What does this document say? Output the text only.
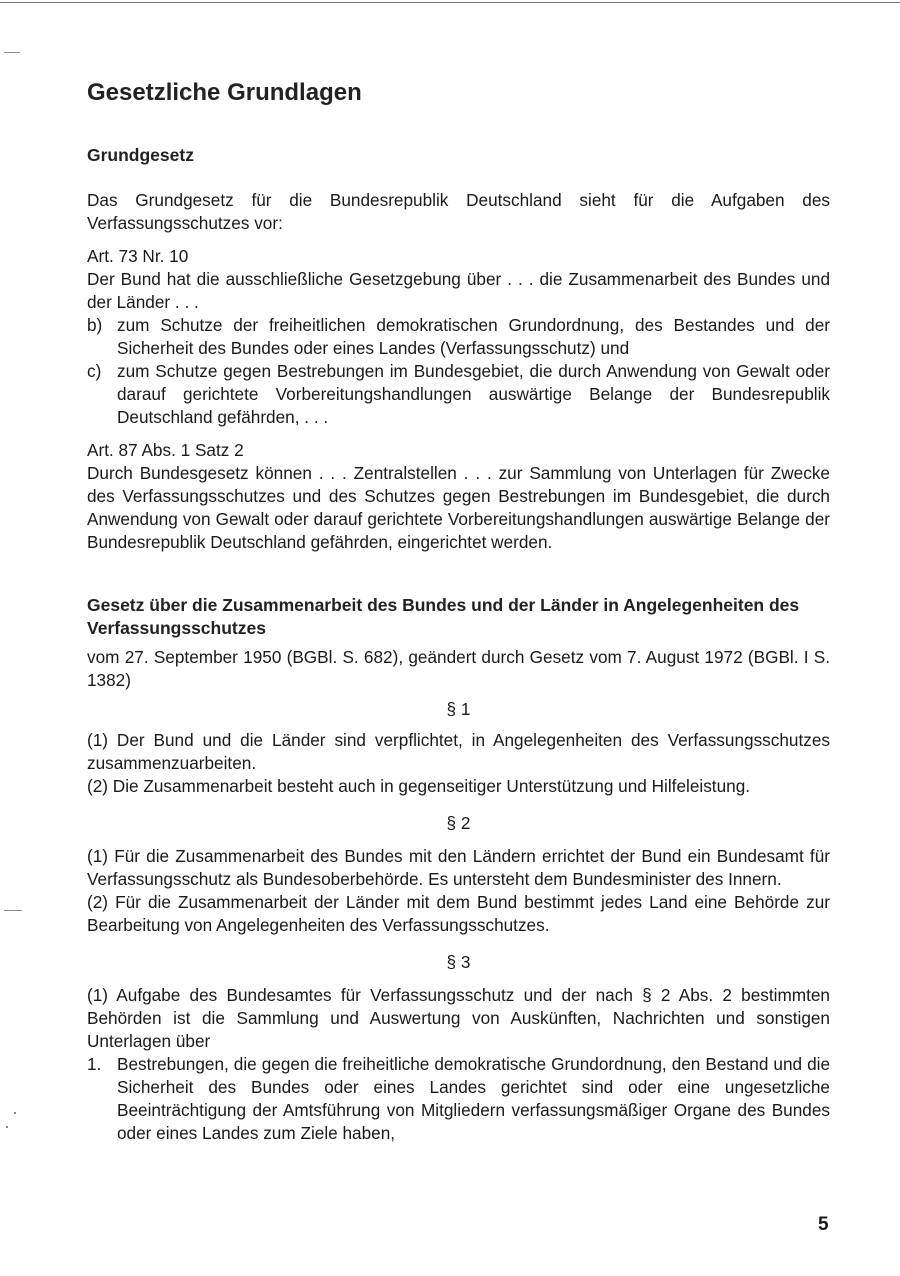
Gesetzliche Grundlagen
Grundgesetz

Das Grundgesetz für die Bundesrepublik Deutschland sieht für die Aufgaben des Verfassungsschutzes vor:

Art. 73 Nr. 10

Der Bund hat die ausschließliche Gesetzgebung über . . . die Zusammenarbeit des Bundes und der Länder . . .

b) zum Schutze der freiheitlichen demokratischen Grundordnung, des Bestandes und der Sicherheit des Bundes oder eines Landes (Verfassungsschutz) und
c) zum Schutze gegen Bestrebungen im Bundesgebiet, die durch Anwendung von Gewalt oder darauf gerichtete Vorbereitungshandlungen auswärtige Belange der Bundesrepublik Deutschland gefährden, . . .

Art. 87 Abs. 1 Satz 2

Durch Bundesgesetz können . . . Zentralstellen . . . zur Sammlung von Unterlagen für Zwecke des Verfassungsschutzes und des Schutzes gegen Bestrebungen im Bundesgebiet, die durch Anwendung von Gewalt oder darauf gerichtete Vorbereitungshandlungen auswärtige Belange der Bundesrepublik Deutschland gefährden, eingerichtet werden.

Gesetz über die Zusammenarbeit des Bundes und der Länder in Angelegenheiten des Verfassungsschutzes

vom 27. September 1950 (BGBl. S. 682), geändert durch Gesetz vom 7. August 1972 (BGBl. I S. 1382)

§ 1

(1) Der Bund und die Länder sind verpflichtet, in Angelegenheiten des Verfassungsschutzes zusammenzuarbeiten.

(2) Die Zusammenarbeit besteht auch in gegenseitiger Unterstützung und Hilfeleistung.

§ 2

(1) Für die Zusammenarbeit des Bundes mit den Ländern errichtet der Bund ein Bundesamt für Verfassungsschutz als Bundesoberbehörde. Es untersteht dem Bundesminister des Innern.

(2) Für die Zusammenarbeit der Länder mit dem Bund bestimmt jedes Land eine Behörde zur Bearbeitung von Angelegenheiten des Verfassungsschutzes.

§ 3

(1) Aufgabe des Bundesamtes für Verfassungsschutz und der nach § 2 Abs. 2 bestimmten Behörden ist die Sammlung und Auswertung von Auskünften, Nachrichten und sonstigen Unterlagen über

1. Bestrebungen, die gegen die freiheitliche demokratische Grundordnung, den Bestand und die Sicherheit des Bundes oder eines Landes gerichtet sind oder eine ungesetzliche Beeinträchtigung der Amtsführung von Mitgliedern verfassungsmäßiger Organe des Bundes oder eines Landes zum Ziele haben,
5
